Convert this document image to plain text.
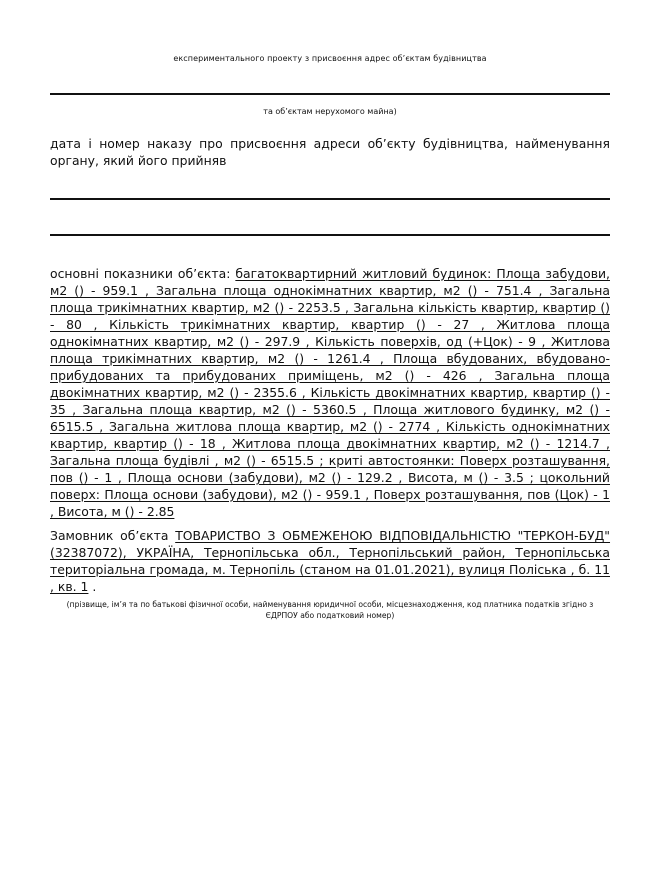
експериментального проекту з присвоєння адрес об’єктам будівництва
та об’єктам нерухомого майна)
дата і номер наказу про присвоєння адреси об’єкту будівництва, найменування органу, який його прийняв
основні показники об’єкта: багатоквартирний житловий будинок: Площа забудови, м2 () - 959.1 , Загальна площа однокімнатних квартир, м2 () - 751.4 , Загальна площа трикімнатних квартир, м2 () - 2253.5 , Загальна кількість квартир, квартир () - 80 , Кількість трикімнатних квартир, квартир () - 27 , Житлова площа однокімнатних квартир, м2 () - 297.9 , Кількість поверхів, од (+Цок) - 9 , Житлова площа трикімнатних квартир, м2 () - 1261.4 , Площа вбудованих, вбудовано-прибудованих та прибудованих приміщень, м2 () - 426 , Загальна площа двокімнатних квартир, м2 () - 2355.6 , Кількість двокімнатних квартир, квартир () - 35 , Загальна площа квартир, м2 () - 5360.5 , Площа житлового будинку, м2 () - 6515.5 , Загальна житлова площа квартир, м2 () - 2774 , Кількість однокімнатних квартир, квартир () - 18 , Житлова площа двокімнатних квартир, м2 () - 1214.7 , Загальна площа будівлі , м2 () - 6515.5 ; криті автостоянки: Поверх розташування, пов () - 1 , Площа основи (забудови), м2 () - 129.2 , Висота, м () - 3.5 ; цокольний поверх: Площа основи (забудови), м2 () - 959.1 , Поверх розташування, пов (Цок) - 1 , Висота, м () - 2.85
Замовник об’єкта ТОВАРИСТВО З ОБМЕЖЕНОЮ ВІДПОВІДАЛЬНІСТЮ "ТЕРКОН-БУД" (32387072), УКРАЇНА, Тернопільська обл., Тернопільський район, Тернопільська територіальна громада, м. Тернопіль (станом на 01.01.2021), вулиця Поліська , б. 11 , кв. 1 .
(прізвище, ім’я та по батькові фізичної особи, найменування юридичної особи, місцезнаходження, код платника податків згідно з ЄДРПОУ або податковий номер)
